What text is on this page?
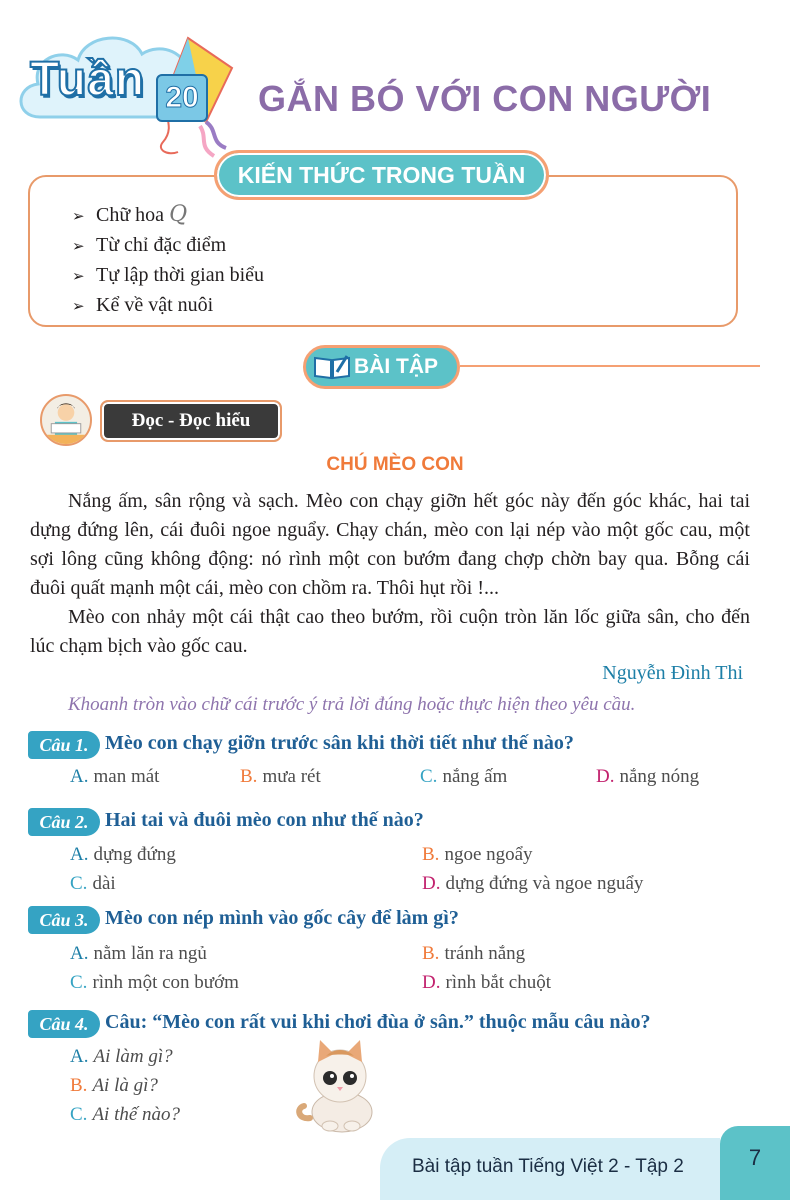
Tuần 20 GẮN BÓ VỚI CON NGƯỜI
KIẾN THỨC TRONG TUẦN
➢ Chữ hoa Q
➢ Từ chỉ đặc điểm
➢ Tự lập thời gian biểu
➢ Kể về vật nuôi
BÀI TẬP
Đọc - Đọc hiểu
CHÚ MÈO CON

Nắng ấm, sân rộng và sạch. Mèo con chạy giỡn hết góc này đến góc khác, hai tai dựng đứng lên, cái đuôi ngoe nguẩy. Chạy chán, mèo con lại nép vào một gốc cau, một sợi lông cũng không động: nó rình một con bướm đang chợp chờn bay qua. Bỗng cái đuôi quất mạnh một cái, mèo con chồm ra. Thôi hụt rồi !...

Mèo con nhảy một cái thật cao theo bướm, rồi cuộn tròn lăn lốc giữa sân, cho đến lúc chạm bịch vào gốc cau.

Nguyễn Đình Thi
Khoanh tròn vào chữ cái trước ý trả lời đúng hoặc thực hiện theo yêu cầu.
Câu 1. Mèo con chạy giỡn trước sân khi thời tiết như thế nào?
A. man mát	B. mưa rét	C. nắng ấm	D. nắng nóng
Câu 2. Hai tai và đuôi mèo con như thế nào?
A. dựng đứng	B. ngoe ngoẩy
C. dài	D. dựng đứng và ngoe nguẩy
Câu 3. Mèo con nép mình vào gốc cây để làm gì?
A. nằm lăn ra ngủ	B. tránh nắng
C. rình một con bướm	D. rình bắt chuột
Câu 4. Câu: “Mèo con rất vui khi chơi đùa ở sân.” thuộc mẫu câu nào?
A. Ai làm gì?
B. Ai là gì?
C. Ai thế nào?
Bài tập tuần Tiếng Việt 2 - Tập 2	7
